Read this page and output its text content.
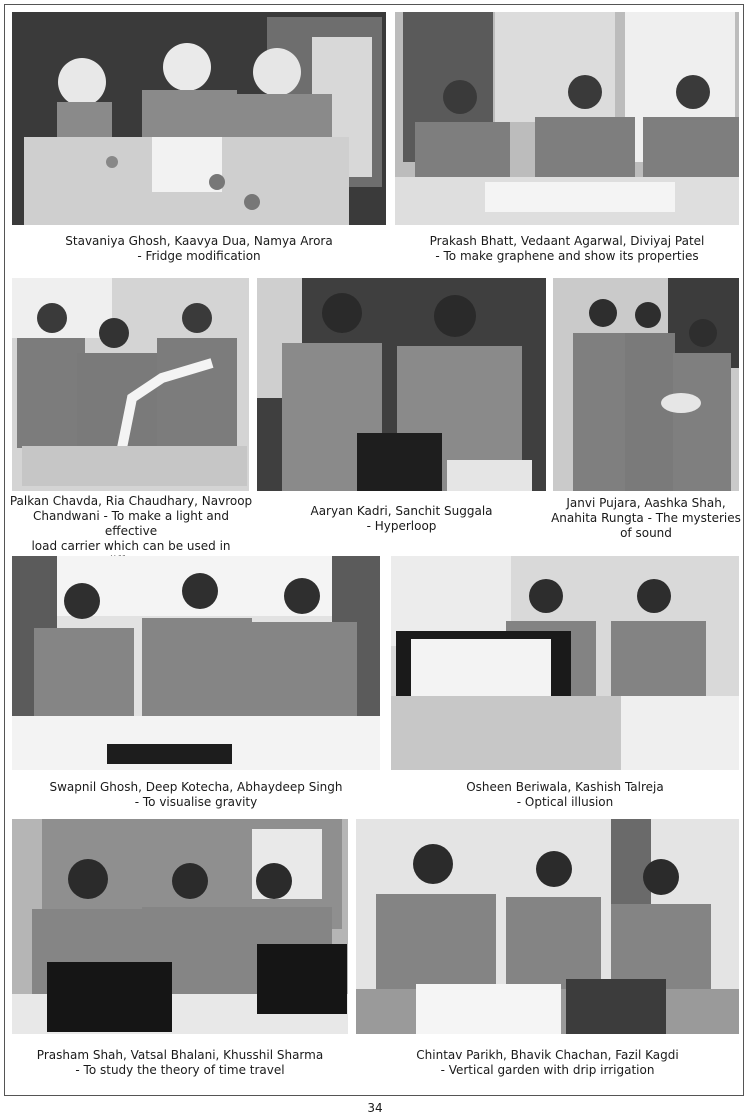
Stavaniya Ghosh, Kaavya Dua, Namya Arora
- Fridge modification
Prakash Bhatt, Vedaant Agarwal, Diviyaj Patel
- To make graphene and show its properties
Palkan Chavda, Ria Chaudhary, Navroop
Chandwani - To make a light and effective
load carrier which can be used in
Aaryan Kadri, Sanchit Suggala
- Hyperloop
Janvi Pujara, Aashka Shah,
Anahita Rungta - The mysteries
of sound
Swapnil Ghosh, Deep Kotecha, Abhaydeep Singh
- To visualise gravity
Osheen Beriwala, Kashish Talreja
- Optical illusion
Prasham Shah, Vatsal Bhalani, Khusshil Sharma
- To study the theory of time travel
Chintav Parikh, Bhavik Chachan, Fazil Kagdi
- Vertical garden with drip irrigation
34
